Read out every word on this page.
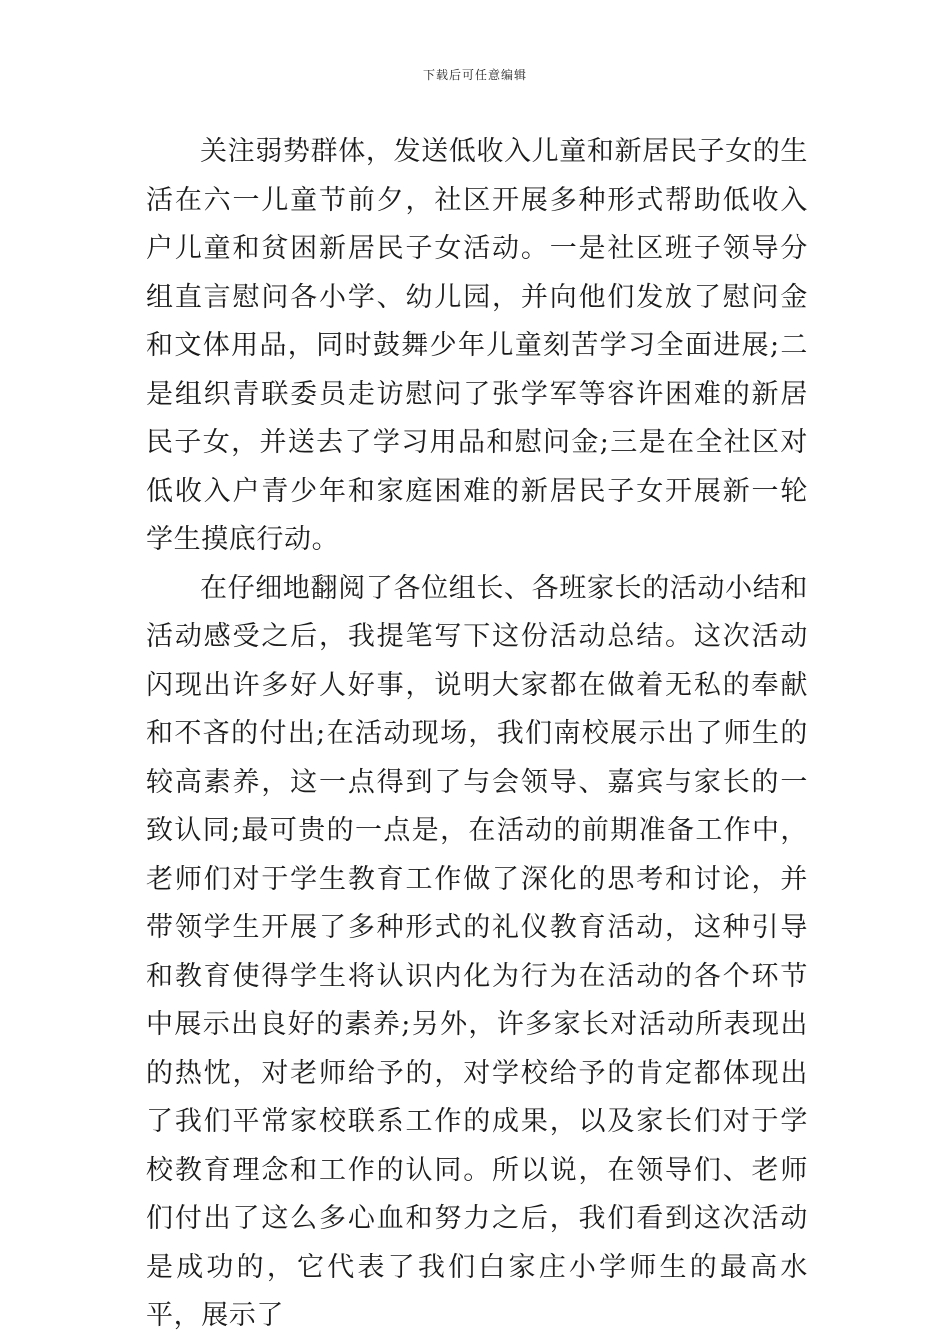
下载后可任意编辑

关注弱势群体，发送低收入儿童和新居民子女的生活在六一儿童节前夕，社区开展多种形式帮助低收入户儿童和贫困新居民子女活动。一是社区班子领导分组直言慰问各小学、幼儿园，并向他们发放了慰问金和文体用品，同时鼓舞少年儿童刻苦学习全面进展;二是组织青联委员走访慰问了张学军等容许困难的新居民子女，并送去了学习用品和慰问金;三是在全社区对低收入户青少年和家庭困难的新居民子女开展新一轮学生摸底行动。

在仔细地翻阅了各位组长、各班家长的活动小结和活动感受之后，我提笔写下这份活动总结。这次活动闪现出许多好人好事，说明大家都在做着无私的奉献和不吝的付出;在活动现场，我们南校展示出了师生的较高素养，这一点得到了与会领导、嘉宾与家长的一致认同;最可贵的一点是，在活动的前期准备工作中，老师们对于学生教育工作做了深化的思考和讨论，并带领学生开展了多种形式的礼仪教育活动，这种引导和教育使得学生将认识内化为行为在活动的各个环节中展示出良好的素养;另外，许多家长对活动所表现出的热忱，对老师给予的，对学校给予的肯定都体现出了我们平常家校联系工作的成果，以及家长们对于学校教育理念和工作的认同。所以说，在领导们、老师们付出了这么多心血和努力之后，我们看到这次活动是成功的，它代表了我们白家庄小学师生的最高水平，展示了
